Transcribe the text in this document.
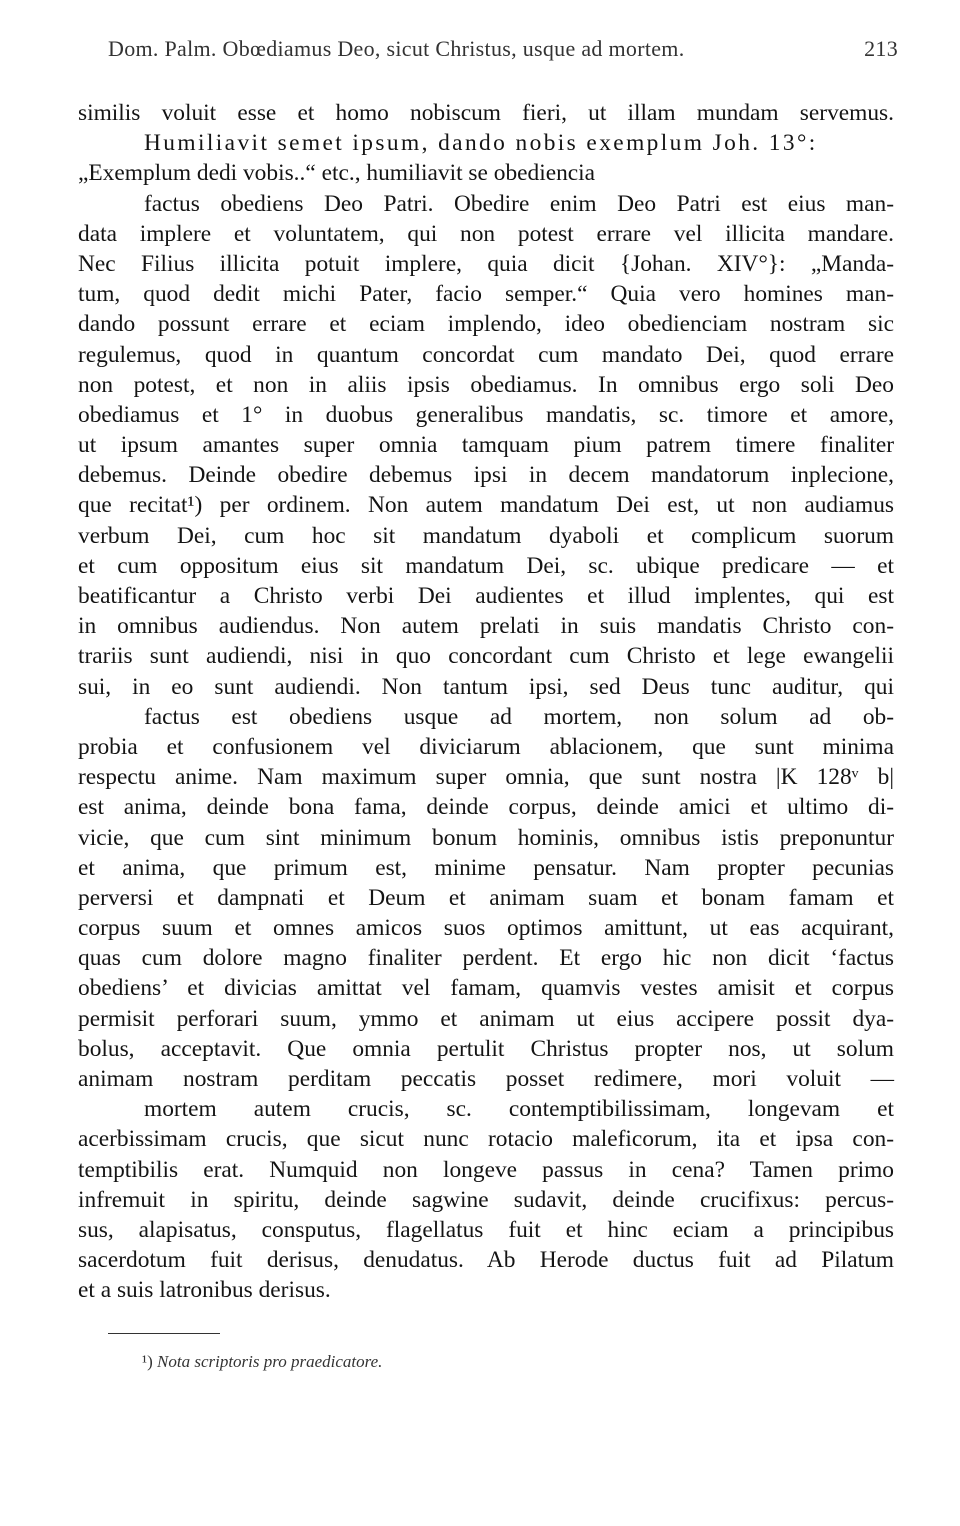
Dom. Palm. Obœdiamus Deo, sicut Christus, usque ad mortem.	213
similis voluit esse et homo nobiscum fieri, ut illam mundam servemus.
Humiliavit semet ipsum, dando nobis exemplum Joh. 13°:
„Exemplum dedi vobis..“ etc., humiliavit se obediencia
factus obediens Deo Patri. Obedire enim Deo Patri est eius man-
data implere et voluntatem, qui non potest errare vel illicita mandare.
Nec Filius illicita potuit implere, quia dicit {Johan. XIV°}: „Manda-
tum, quod dedit michi Pater, facio semper.“ Quia vero homines man-
dando possunt errare et eciam implendo, ideo obedienciam nostram sic
regulemus, quod in quantum concordat cum mandato Dei, quod errare
non potest, et non in aliis ipsis obediamus. In omnibus ergo soli Deo
obediamus et 1° in duobus generalibus mandatis, sc. timore et amore,
ut ipsum amantes super omnia tamquam pium patrem timere finaliter
debemus. Deinde obedire debemus ipsi in decem mandatorum inplecione,
que recitat¹) per ordinem. Non autem mandatum Dei est, ut non audiamus
verbum Dei, cum hoc sit mandatum dyaboli et complicum suorum
et cum oppositum eius sit mandatum Dei, sc. ubique predicare — et
beatificantur a Christo verbi Dei audientes et illud implentes, qui est
in omnibus audiendus. Non autem prelati in suis mandatis Christo con-
trariis sunt audiendi, nisi in quo concordant cum Christo et lege ewangelii
sui, in eo sunt audiendi. Non tantum ipsi, sed Deus tunc auditur, qui
factus est obediens usque ad mortem, non solum ad ob-
probia et confusionem vel diviciarum ablacionem, que sunt minima
respectu anime. Nam maximum super omnia, que sunt nostra |K 128ᵛ b|
est anima, deinde bona fama, deinde corpus, deinde amici et ultimo di-
vicie, que cum sint minimum bonum hominis, omnibus istis preponuntur
et anima, que primum est, minime pensatur. Nam propter pecunias
perversi et dampnati et Deum et animam suam et bonam famam et
corpus suum et omnes amicos suos optimos amittunt, ut eas acquirant,
quas cum dolore magno finaliter perdent. Et ergo hic non dicit ‘factus
obediens’ et divicias amittat vel famam, quamvis vestes amisit et corpus
permisit perforari suum, ymmo et animam ut eius accipere possit dya-
bolus, acceptavit. Que omnia pertulit Christus propter nos, ut solum
animam nostram perditam peccatis posset redimere, mori voluit —
mortem autem crucis, sc. contemptibilissimam, longevam et
acerbissimam crucis, que sicut nunc rotacio maleficorum, ita et ipsa con-
temptibilis erat. Numquid non longeve passus in cena? Tamen primo
infremuit in spiritu, deinde sagwine sudavit, deinde crucifixus: percus-
sus, alapisatus, consputus, flagellatus fuit et hinc eciam a principibus
sacerdotum fuit derisus, denudatus. Ab Herode ductus fuit ad Pilatum
et a suis latronibus derisus.
¹) Nota scriptoris pro praedicatore.
